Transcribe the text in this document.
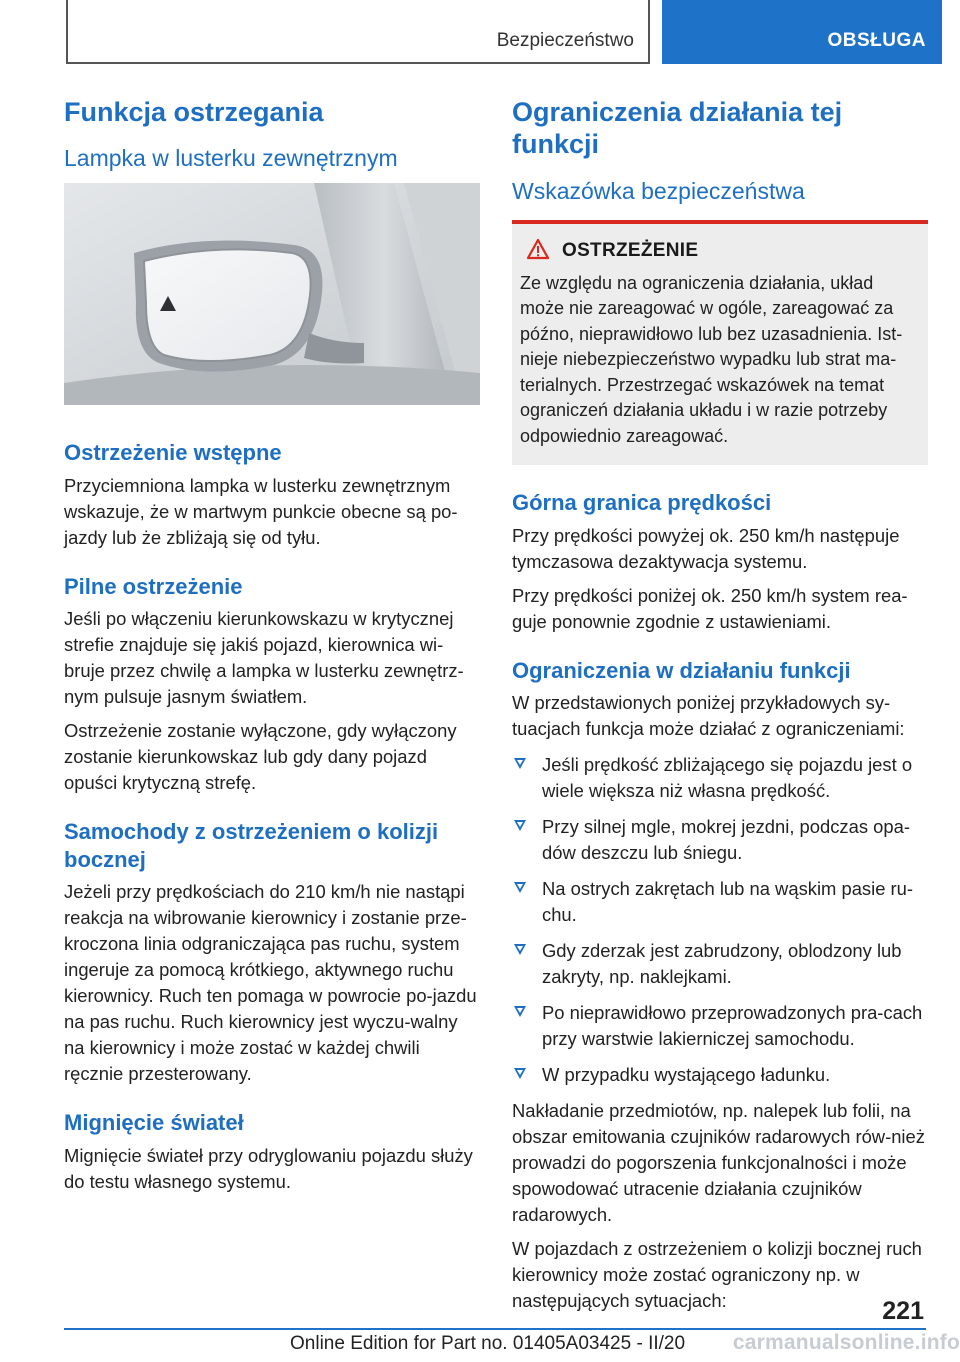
Bezpieczeństwo	OBSŁUGA
Funkcja ostrzegania
Lampka w lusterku zewnętrznym
Ostrzeżenie wstępne

Przyciemniona lampka w lusterku zewnętrznym wskazuje, że w martwym punkcie obecne są po-jazdy lub że zbliżają się od tyłu.

Pilne ostrzeżenie

Jeśli po włączeniu kierunkowskazu w krytycznej strefie znajduje się jakiś pojazd, kierownica wi-bruje przez chwilę a lampka w lusterku zewnętrz-nym pulsuje jasnym światłem.

Ostrzeżenie zostanie wyłączone, gdy wyłączony zostanie kierunkowskaz lub gdy dany pojazd opuści krytyczną strefę.

Samochody z ostrzeżeniem o kolizji bocznej

Jeżeli przy prędkościach do 210 km/h nie nastąpi reakcja na wibrowanie kierownicy i zostanie prze-kroczona linia odgraniczająca pas ruchu, system ingeruje za pomocą krótkiego, aktywnego ruchu kierownicy. Ruch ten pomaga w powrocie po-jazdu na pas ruchu. Ruch kierownicy jest wyczu-walny na kierownicy i może zostać w każdej chwili ręcznie przesterowany.

Mignięcie świateł

Mignięcie świateł przy odryglowaniu pojazdu służy do testu własnego systemu.

Ograniczenia działania tej funkcji
Wskazówka bezpieczeństwa
OSTRZEŻENIE

Ze względu na ograniczenia działania, układ może nie zareagować w ogóle, zareagować za późno, nieprawidłowo lub bez uzasadnienia. Ist-nieje niebezpieczeństwo wypadku lub strat ma-terialnych. Przestrzegać wskazówek na temat ograniczeń działania układu i w razie potrzeby odpowiednio zareagować.

Górna granica prędkości

Przy prędkości powyżej ok. 250 km/h następuje tymczasowa dezaktywacja systemu.

Przy prędkości poniżej ok. 250 km/h system rea-guje ponownie zgodnie z ustawieniami.

Ograniczenia w działaniu funkcji

W przedstawionych poniżej przykładowych sy-tuacjach funkcja może działać z ograniczeniami:

Jeśli prędkość zbliżającego się pojazdu jest o wiele większa niż własna prędkość.
Przy silnej mgle, mokrej jezdni, podczas opa-dów deszczu lub śniegu.
Na ostrych zakrętach lub na wąskim pasie ru-chu.
Gdy zderzak jest zabrudzony, oblodzony lub zakryty, np. naklejkami.
Po nieprawidłowo przeprowadzonych pra-cach przy warstwie lakierniczej samochodu.
W przypadku wystającego ładunku.

Nakładanie przedmiotów, np. nalepek lub folii, na obszar emitowania czujników radarowych rów-nież prowadzi do pogorszenia funkcjonalności i może spowodować utracenie działania czujników radarowych.

W pojazdach z ostrzeżeniem o kolizji bocznej ruch kierownicy może zostać ograniczony np. w następujących sytuacjach:	221
Online Edition for Part no. 01405A03425 - II/20 carmanualsonline.info
